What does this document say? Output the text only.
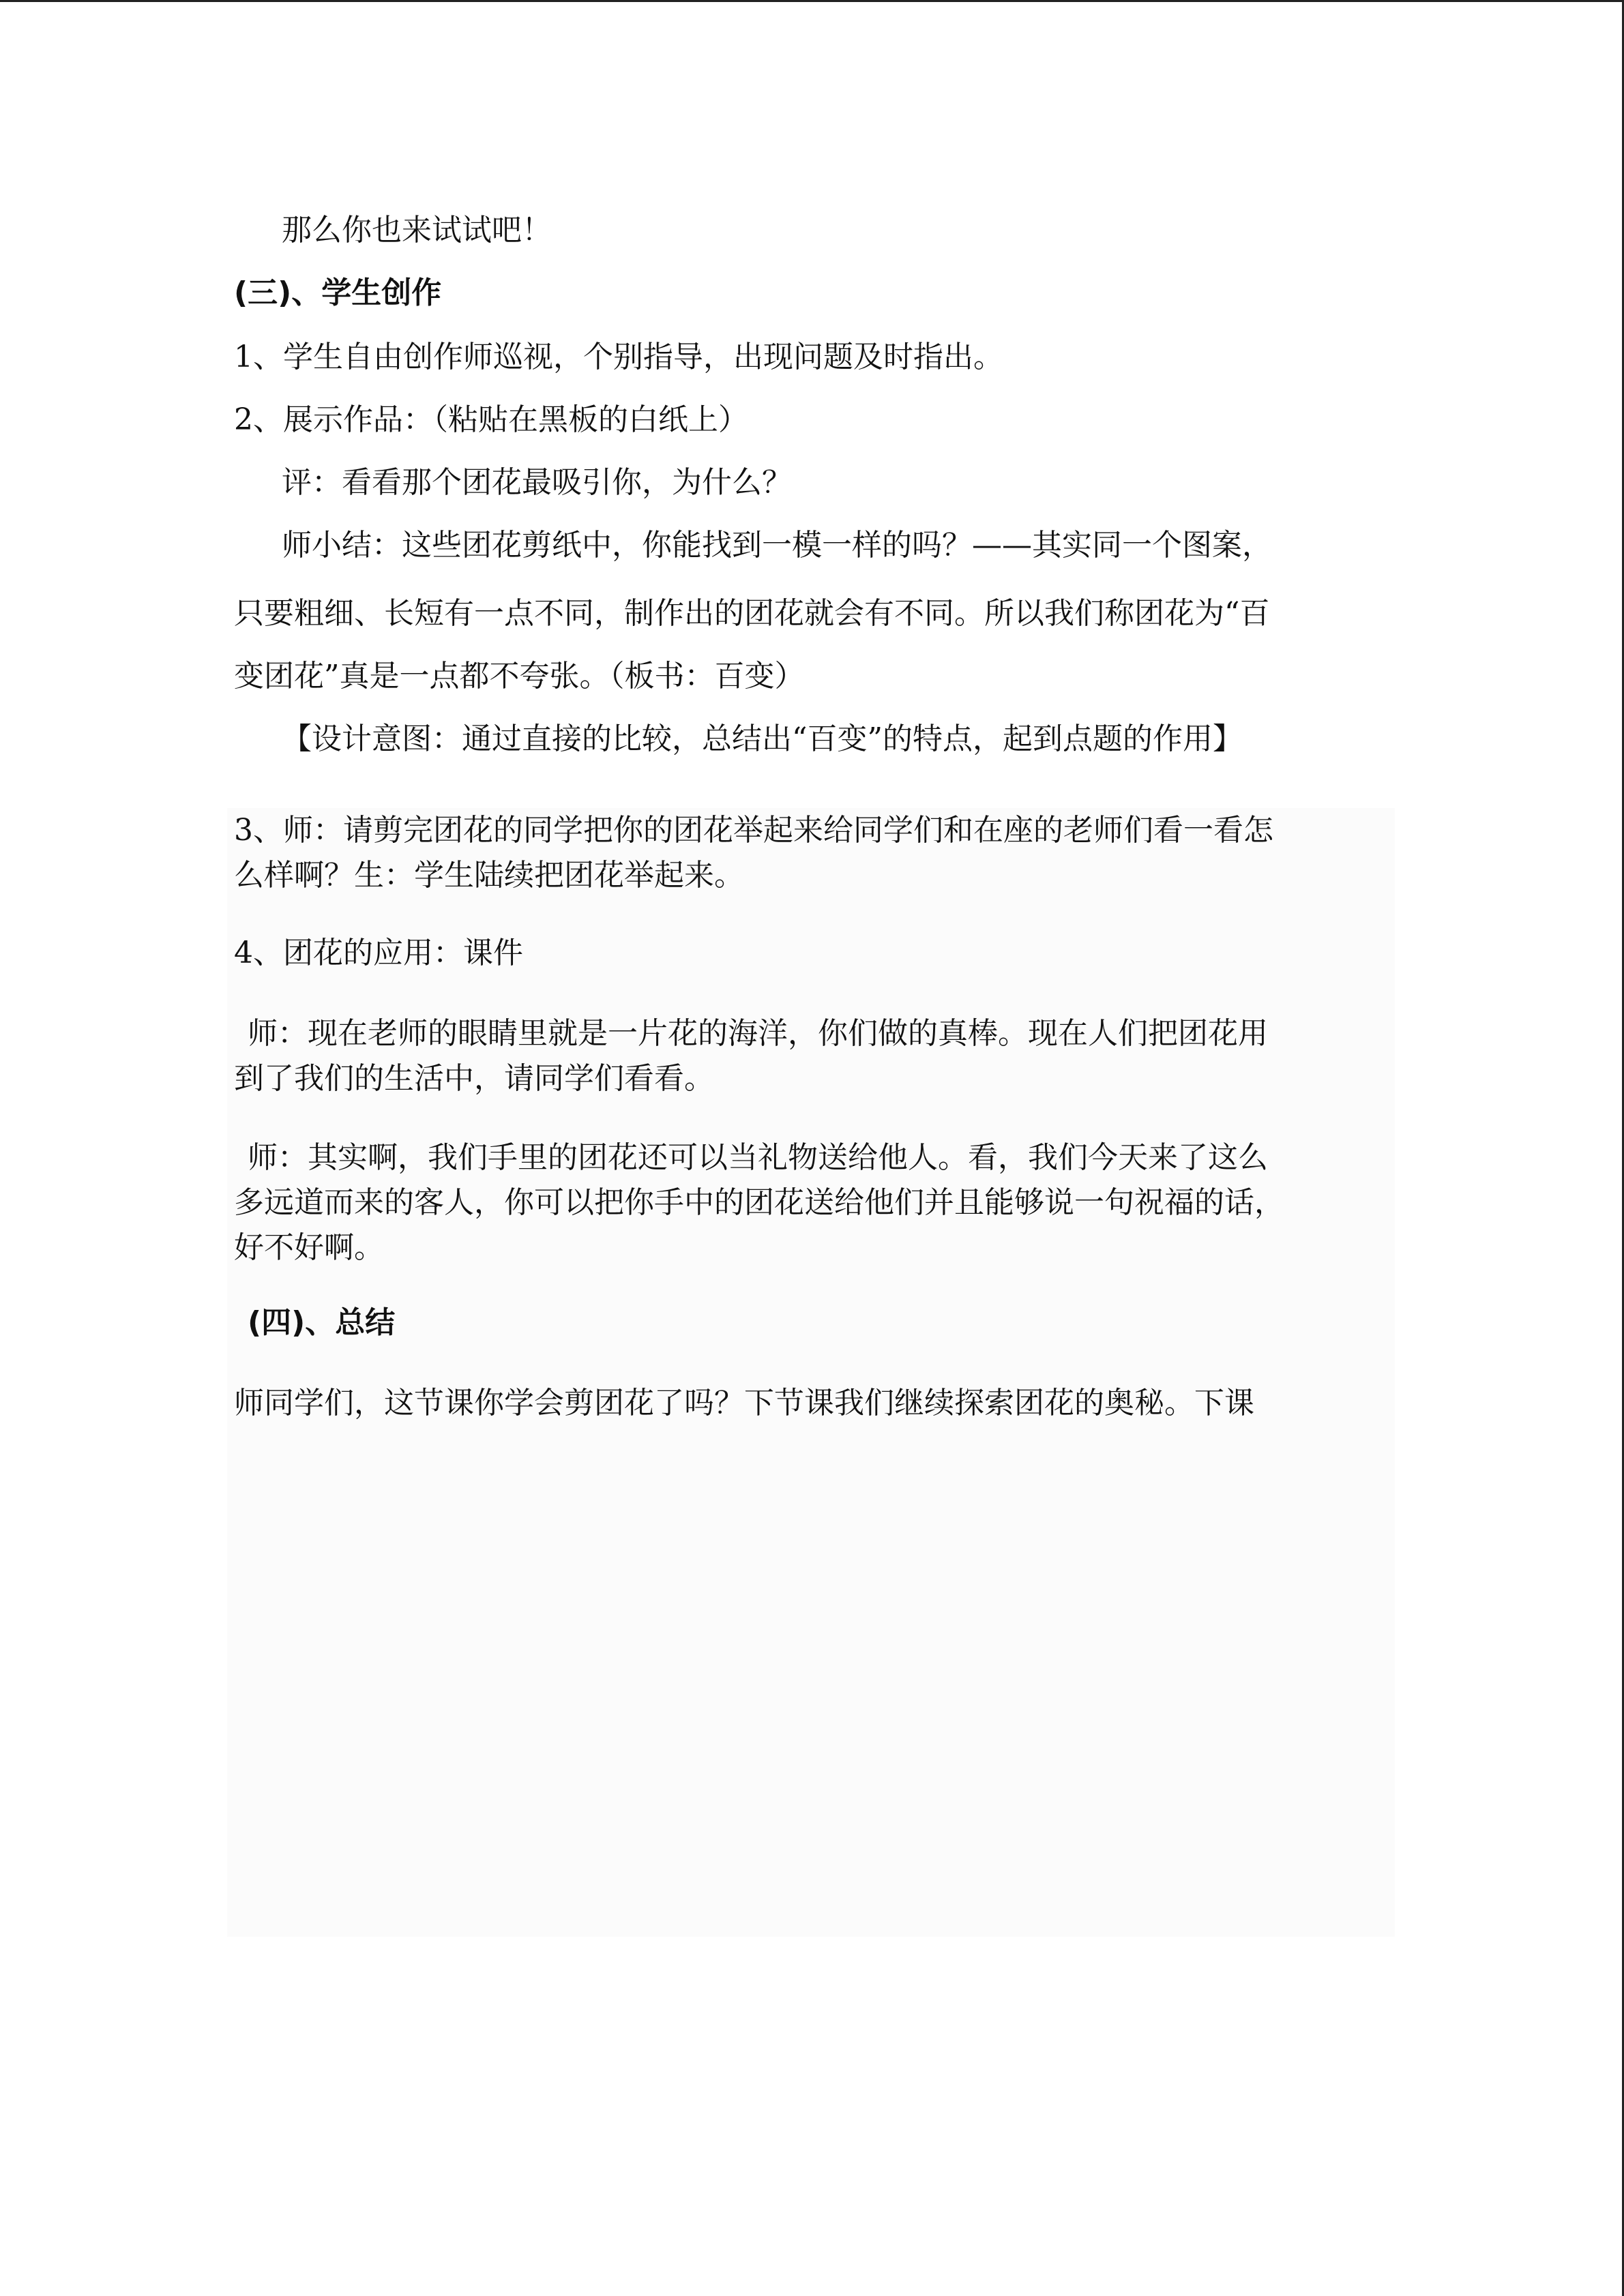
那么你也来试试吧！
(三)、学生创作
1、学生自由创作师巡视，个别指导，出现问题及时指出。
2、展示作品：（粘贴在黑板的白纸上）
评：看看那个团花最吸引你，为什么？
师小结：这些团花剪纸中，你能找到一模一样的吗？——其实同一个图案，
只要粗细、长短有一点不同，制作出的团花就会有不同。所以我们称团花为“百
变团花”真是一点都不夸张。（板书：百变）
【设计意图：通过直接的比较，总结出“百变”的特点，起到点题的作用】
3、师：请剪完团花的同学把你的团花举起来给同学们和在座的老师们看一看怎
么样啊？生：学生陆续把团花举起来。
4、团花的应用：课件
师：现在老师的眼睛里就是一片花的海洋，你们做的真棒。现在人们把团花用
到了我们的生活中，请同学们看看。
师：其实啊，我们手里的团花还可以当礼物送给他人。看，我们今天来了这么
多远道而来的客人，你可以把你手中的团花送给他们并且能够说一句祝福的话，
好不好啊。
(四)、总结
师同学们，这节课你学会剪团花了吗？下节课我们继续探索团花的奥秘。下课
